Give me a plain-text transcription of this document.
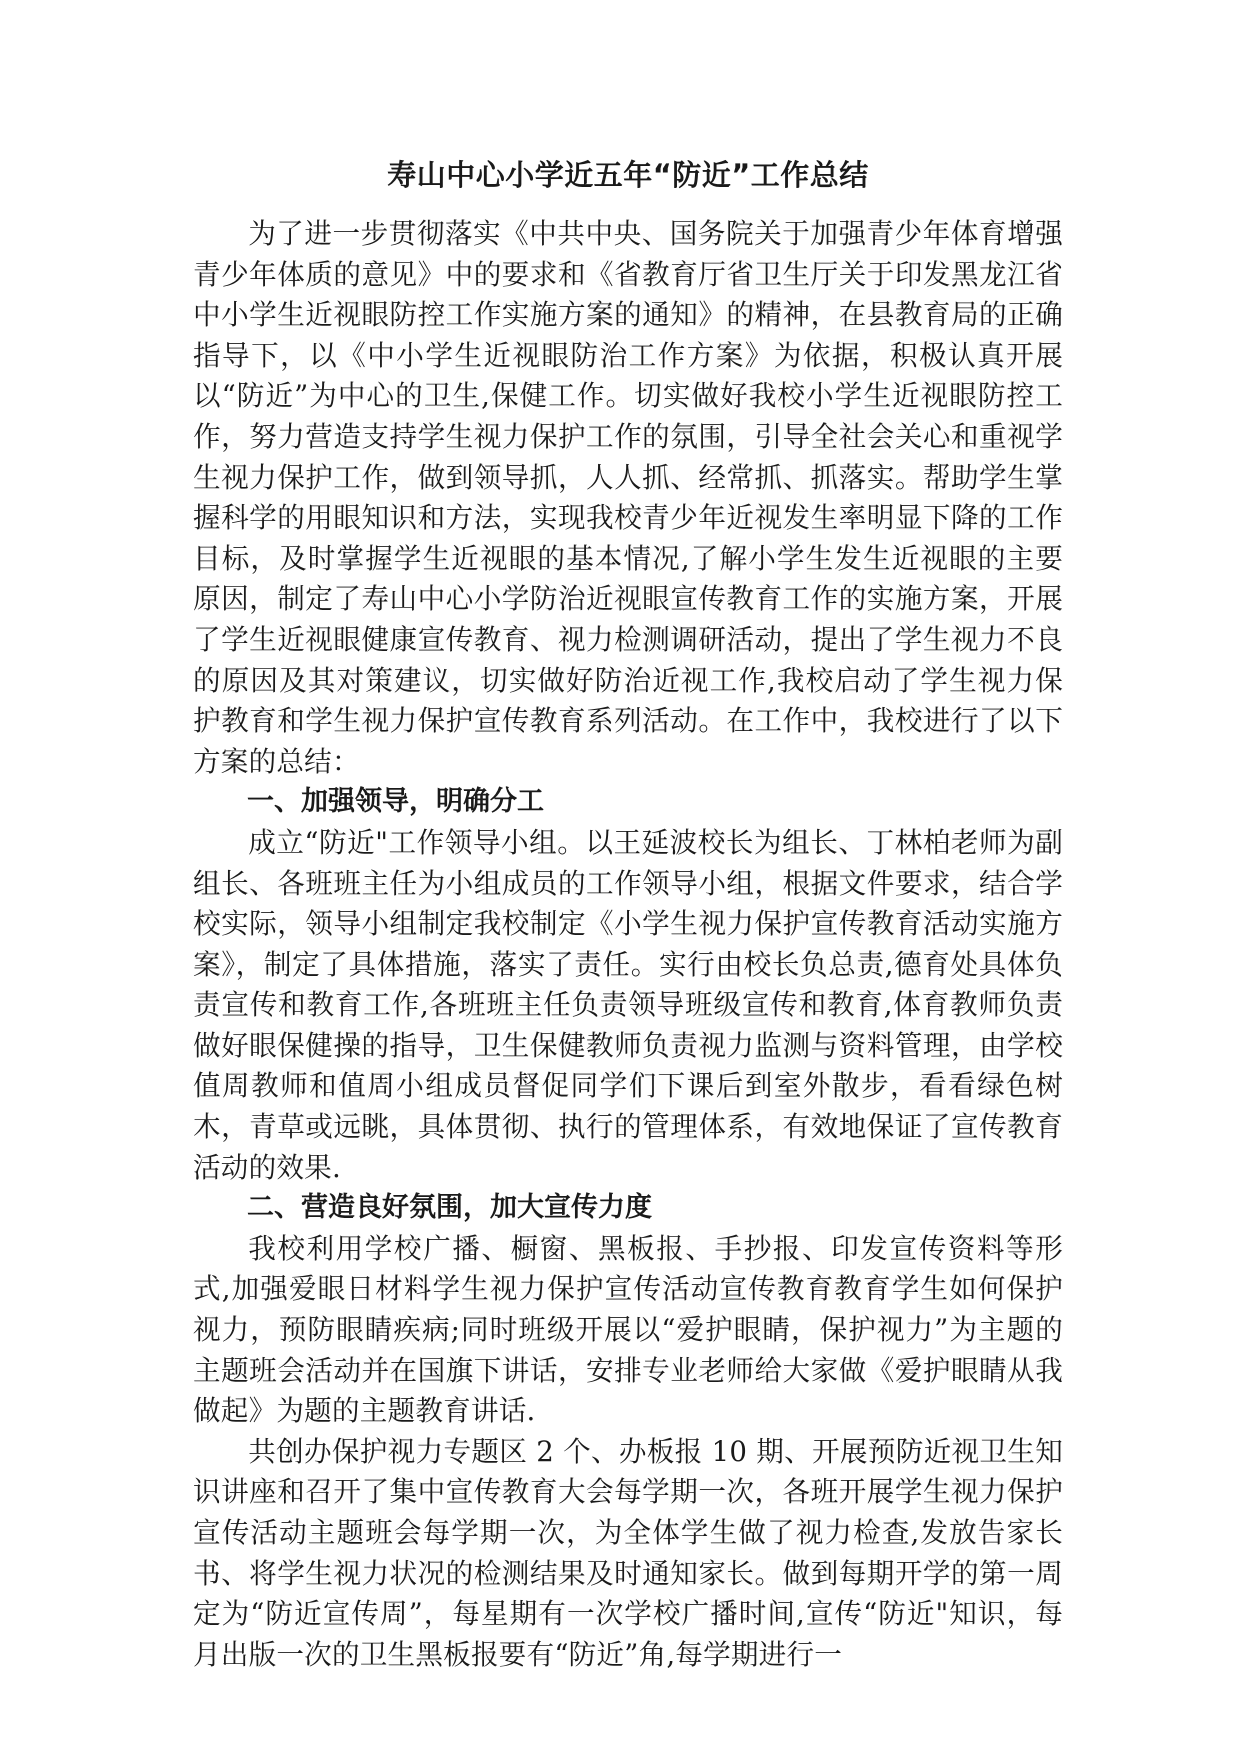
寿山中心小学近五年“防近”工作总结

为了进一步贯彻落实《中共中央、国务院关于加强青少年体育增强青少年体质的意见》中的要求和《省教育厅省卫生厅关于印发黑龙江省中小学生近视眼防控工作实施方案的通知》的精神，在县教育局的正确指导下，以《中小学生近视眼防治工作方案》为依据，积极认真开展以“防近”为中心的卫生,保健工作。切实做好我校小学生近视眼防控工作，努力营造支持学生视力保护工作的氛围，引导全社会关心和重视学生视力保护工作，做到领导抓，人人抓、经常抓、抓落实。帮助学生掌握科学的用眼知识和方法，实现我校青少年近视发生率明显下降的工作目标，及时掌握学生近视眼的基本情况,了解小学生发生近视眼的主要原因，制定了寿山中心小学防治近视眼宣传教育工作的实施方案，开展了学生近视眼健康宣传教育、视力检测调研活动，提出了学生视力不良的原因及其对策建议，切实做好防治近视工作,我校启动了学生视力保护教育和学生视力保护宣传教育系列活动。在工作中，我校进行了以下方案的总结：

一、加强领导，明确分工

成立“防近"工作领导小组。以王延波校长为组长、丁林柏老师为副组长、各班班主任为小组成员的工作领导小组，根据文件要求，结合学校实际，领导小组制定我校制定《小学生视力保护宣传教育活动实施方案》，制定了具体措施，落实了责任。实行由校长负总责,德育处具体负责宣传和教育工作,各班班主任负责领导班级宣传和教育,体育教师负责做好眼保健操的指导，卫生保健教师负责视力监测与资料管理，由学校值周教师和值周小组成员督促同学们下课后到室外散步，看看绿色树木，青草或远眺，具体贯彻、执行的管理体系，有效地保证了宣传教育活动的效果.

二、营造良好氛围，加大宣传力度

我校利用学校广播、橱窗、黑板报、手抄报、印发宣传资料等形式,加强爱眼日材料学生视力保护宣传活动宣传教育教育学生如何保护视力，预防眼睛疾病;同时班级开展以“爱护眼睛，保护视力”为主题的主题班会活动并在国旗下讲话，安排专业老师给大家做《爱护眼睛从我做起》为题的主题教育讲话.

共创办保护视力专题区 2 个、办板报 10 期、开展预防近视卫生知识讲座和召开了集中宣传教育大会每学期一次，各班开展学生视力保护宣传活动主题班会每学期一次，为全体学生做了视力检查,发放告家长书、将学生视力状况的检测结果及时通知家长。做到每期开学的第一周定为“防近宣传周”，每星期有一次学校广播时间,宣传“防近"知识，每月出版一次的卫生黑板报要有“防近”角,每学期进行一
